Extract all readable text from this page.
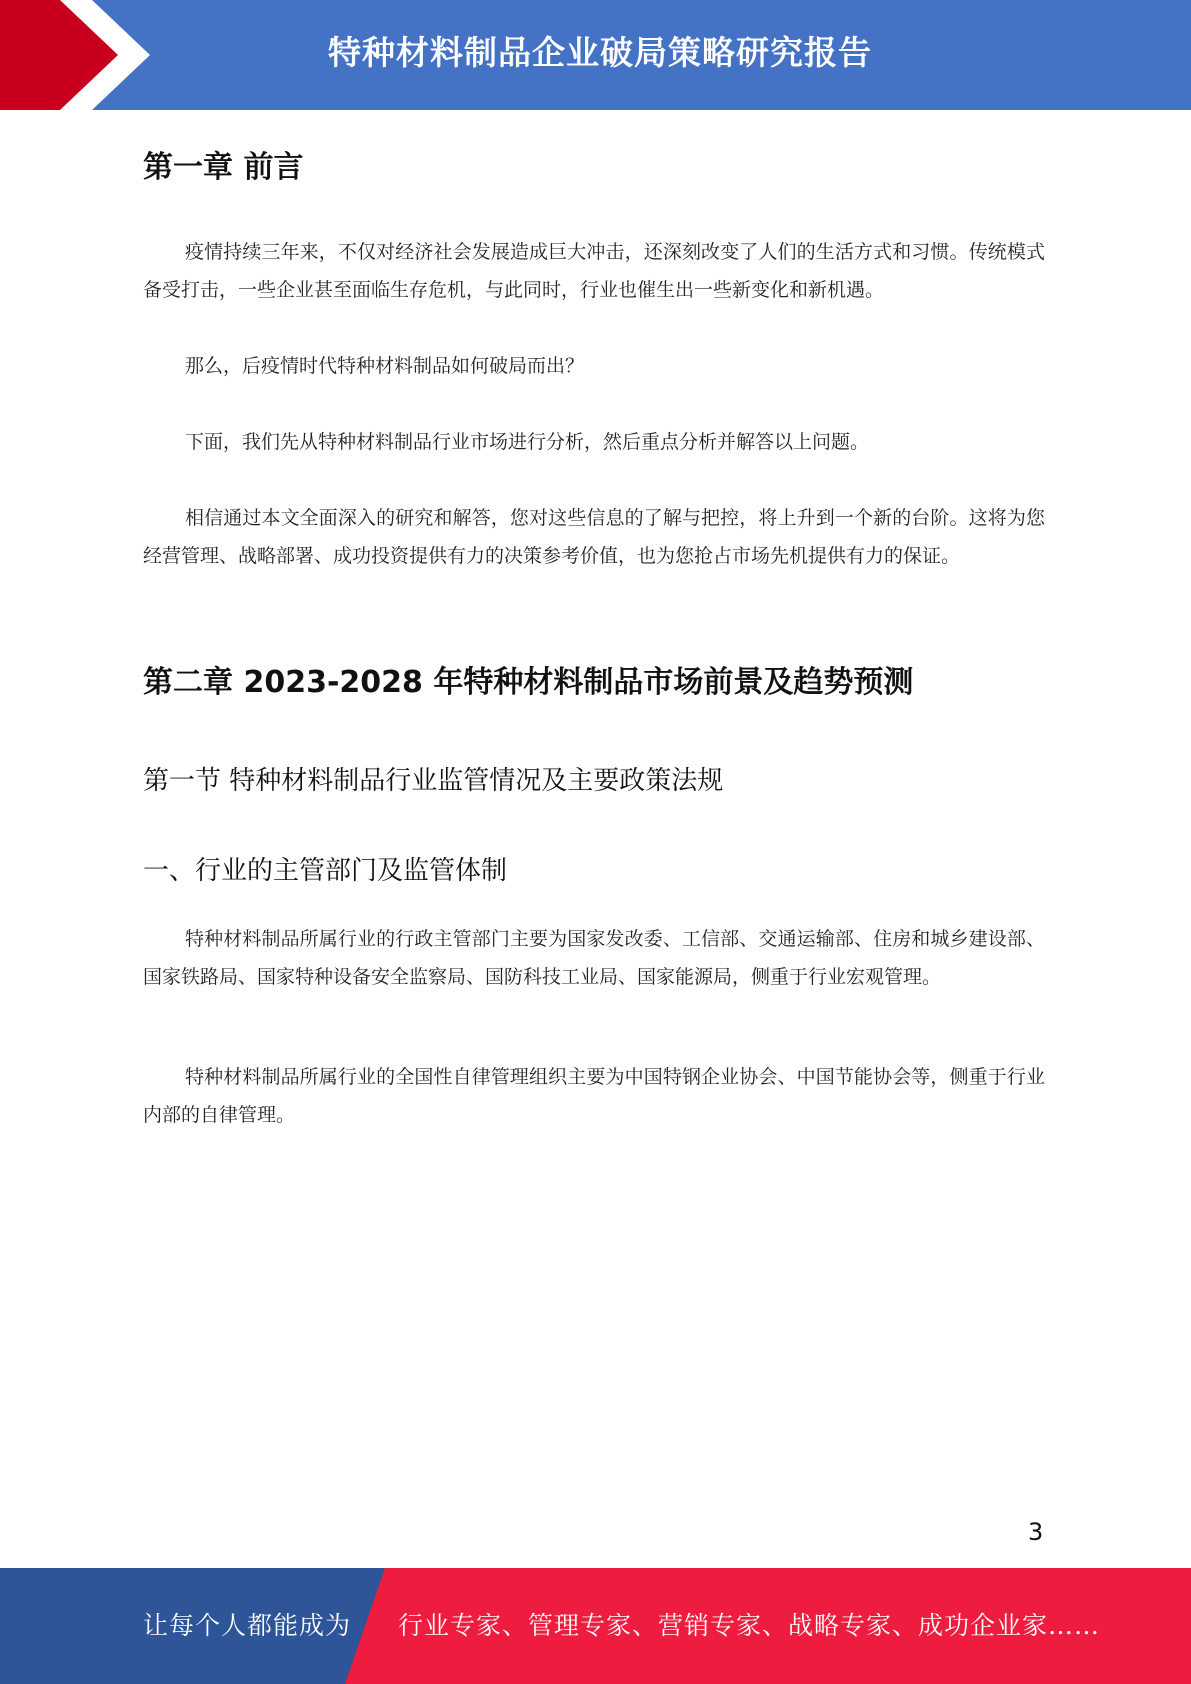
特种材料制品企业破局策略研究报告
第一章 前言

疫情持续三年来，不仅对经济社会发展造成巨大冲击，还深刻改变了人们的生活方式和习惯。传统模式备受打击，一些企业甚至面临生存危机，与此同时，行业也催生出一些新变化和新机遇。

那么，后疫情时代特种材料制品如何破局而出？

下面，我们先从特种材料制品行业市场进行分析，然后重点分析并解答以上问题。

相信通过本文全面深入的研究和解答，您对这些信息的了解与把控，将上升到一个新的台阶。这将为您经营管理、战略部署、成功投资提供有力的决策参考价值，也为您抢占市场先机提供有力的保证。

第二章 2023-2028 年特种材料制品市场前景及趋势预测
第一节 特种材料制品行业监管情况及主要政策法规
一、行业的主管部门及监管体制

特种材料制品所属行业的行政主管部门主要为国家发改委、工信部、交通运输部、住房和城乡建设部、国家铁路局、国家特种设备安全监察局、国防科技工业局、国家能源局，侧重于行业宏观管理。

特种材料制品所属行业的全国性自律管理组织主要为中国特钢企业协会、中国节能协会等，侧重于行业内部的自律管理。

3
让每个人都能成为 行业专家、管理专家、营销专家、战略专家、成功企业家……
